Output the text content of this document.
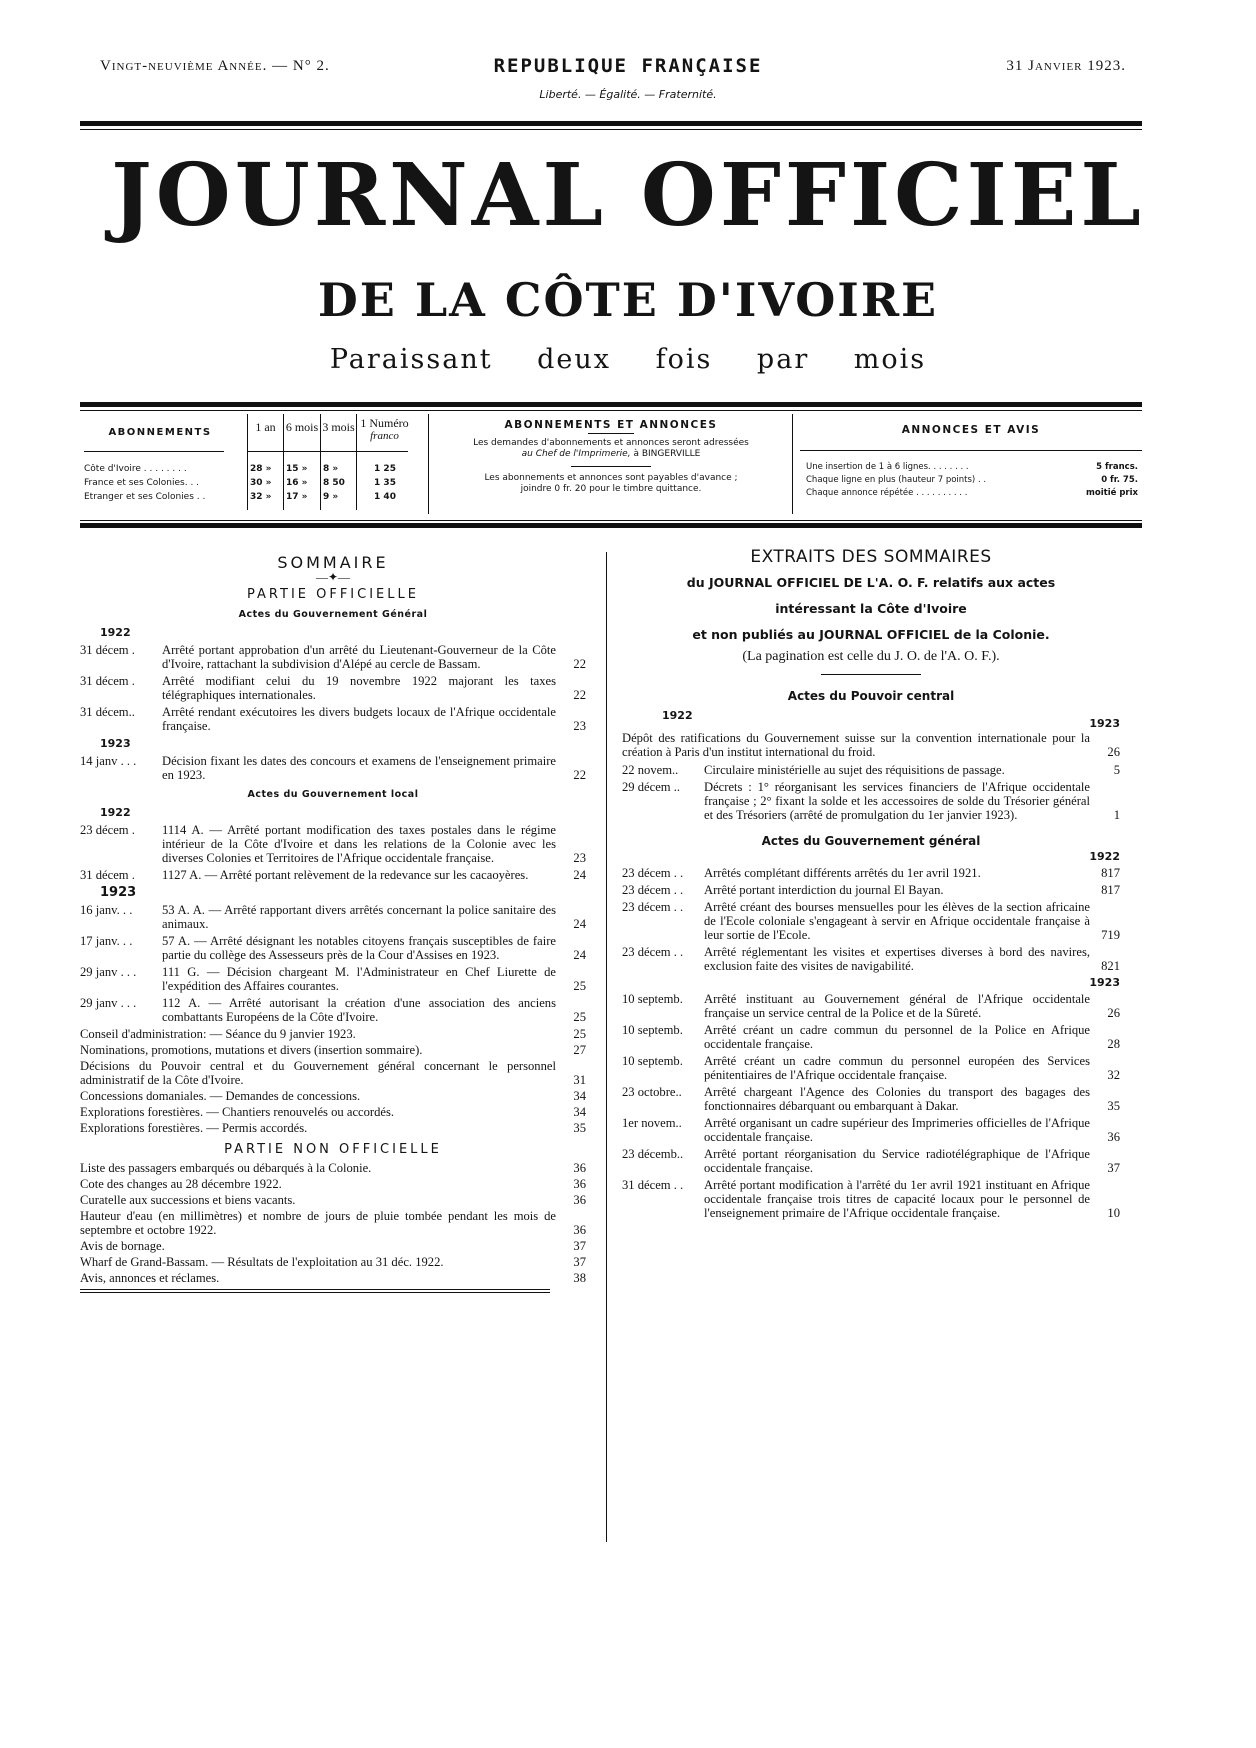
Vingt-neuvième Année. — N° 2.	REPUBLIQUE FRANÇAISE	31 Janvier 1923.
Liberté. — Égalité. — Fraternité.
JOURNAL OFFICIEL
DE LA CÔTE D'IVOIRE
Paraissant deux fois par mois
ABONNEMENTS	1 an 6 mois 3 mois 1 Numéro
franco
Côte d'Ivoire . . . . . . . .	28 »	15 »	8 »	1 25
France et ses Colonies. . .	30 »	16 »	8 50	1 35
Etranger et ses Colonies . .	32 »	17 »	9 »	1 40
ABONNEMENTS ET ANNONCES
Les demandes d'abonnements et annonces seront adressées
au Chef de l'Imprimerie, à BINGERVILLE
Les abonnements et annonces sont payables d'avance ;
joindre 0 fr. 20 pour le timbre quittance.
ANNONCES ET AVIS
Une insertion de 1 à 6 lignes. . . . . . . .	5 francs.
Chaque ligne en plus (hauteur 7 points) . .	0 fr. 75.
Chaque annonce répétée . . . . . . . . . .	moitié prix
SOMMAIRE
—✦—
PARTIE OFFICIELLE
Actes du Gouvernement Général
1922
31 décem .	Arrêté portant approbation d'un arrêté du Lieutenant-Gouverneur de la Côte d'Ivoire, rattachant la subdivision d'Alépé au cercle de Bassam.	22
31 décem .	Arrêté modifiant celui du 19 novembre 1922 majorant les taxes télégraphiques internationales.	22
31 décem..	Arrêté rendant exécutoires les divers budgets locaux de l'Afrique occidentale française.	23
1923
14 janv . . .	Décision fixant les dates des concours et examens de l'enseignement primaire en 1923.	22
Actes du Gouvernement local
1922
23 décem .	1114 A. — Arrêté portant modification des taxes postales dans le régime intérieur de la Côte d'Ivoire et dans les relations de la Colonie avec les diverses Colonies et Territoires de l'Afrique occidentale française.	23
31 décem .	1127 A. — Arrêté portant relèvement de la redevance sur les cacaoyères.	24
1923
16 janv. . .	53 A. A. — Arrêté rapportant divers arrêtés concernant la police sanitaire des animaux.	24
17 janv. . .	57 A. — Arrêté désignant les notables citoyens français susceptibles de faire partie du collège des Assesseurs près de la Cour d'Assises en 1923.	24
29 janv . . .	111 G. — Décision chargeant M. l'Administrateur en Chef Liurette de l'expédition des Affaires courantes.	25
29 janv . . .	112 A. — Arrêté autorisant la création d'une association des anciens combattants Européens de la Côte d'Ivoire.	25
Conseil d'administration: — Séance du 9 janvier 1923.	25
Nominations, promotions, mutations et divers (insertion sommaire).	27
Décisions du Pouvoir central et du Gouvernement général concernant le personnel administratif de la Côte d'Ivoire.	31
Concessions domaniales. — Demandes de concessions.	34
Explorations forestières. — Chantiers renouvelés ou accordés.	34
Explorations forestières. — Permis accordés.	35
PARTIE NON OFFICIELLE
Liste des passagers embarqués ou débarqués à la Colonie.	36
Cote des changes au 28 décembre 1922.	36
Curatelle aux successions et biens vacants.	36
Hauteur d'eau (en millimètres) et nombre de jours de pluie tombée pendant les mois de septembre et octobre 1922.	36
Avis de bornage.	37
Wharf de Grand-Bassam. — Résultats de l'exploitation au 31 déc. 1922.	37
Avis, annonces et réclames.	38
EXTRAITS DES SOMMAIRES
du JOURNAL OFFICIEL DE L'A. O. F. relatifs aux actes
intéressant la Côte d'Ivoire
et non publiés au JOURNAL OFFICIEL de la Colonie.
(La pagination est celle du J. O. de l'A. O. F.).
Actes du Pouvoir central
1922
1923
Dépôt des ratifications du Gouvernement suisse sur la convention internationale pour la création à Paris d'un institut international du froid.	26
22 novem..	Circulaire ministérielle au sujet des réquisitions de passage.	5
29 décem ..	Décrets : 1° réorganisant les services financiers de l'Afrique occidentale française ; 2° fixant la solde et les accessoires de solde du Trésorier général et des Trésoriers (arrêté de promulgation du 1er janvier 1923).	1
Actes du Gouvernement général
1922
23 décem . .	Arrêtés complétant différents arrêtés du 1er avril 1921.	817
23 décem . .	Arrêté portant interdiction du journal El Bayan.	817
23 décem . .	Arrêté créant des bourses mensuelles pour les élèves de la section africaine de l'Ecole coloniale s'engageant à servir en Afrique occidentale française à leur sortie de l'Ecole.	719
23 décem . .	Arrêté réglementant les visites et expertises diverses à bord des navires, exclusion faite des visites de navigabilité.	821
1923
10 septemb.	Arrêté instituant au Gouvernement général de l'Afrique occidentale française un service central de la Police et de la Sûreté.	26
10 septemb.	Arrêté créant un cadre commun du personnel de la Police en Afrique occidentale française.	28
10 septemb.	Arrêté créant un cadre commun du personnel européen des Services pénitentiaires de l'Afrique occidentale française.	32
23 octobre..	Arrêté chargeant l'Agence des Colonies du transport des bagages des fonctionnaires débarquant ou embarquant à Dakar.	35
1er novem..	Arrêté organisant un cadre supérieur des Imprimeries officielles de l'Afrique occidentale française.	36
23 décemb..	Arrêté portant réorganisation du Service radiotélégraphique de l'Afrique occidentale française.	37
31 décem . .	Arrêté portant modification à l'arrêté du 1er avril 1921 instituant en Afrique occidentale française trois titres de capacité locaux pour le personnel de l'enseignement primaire de l'Afrique occidentale française.	10
